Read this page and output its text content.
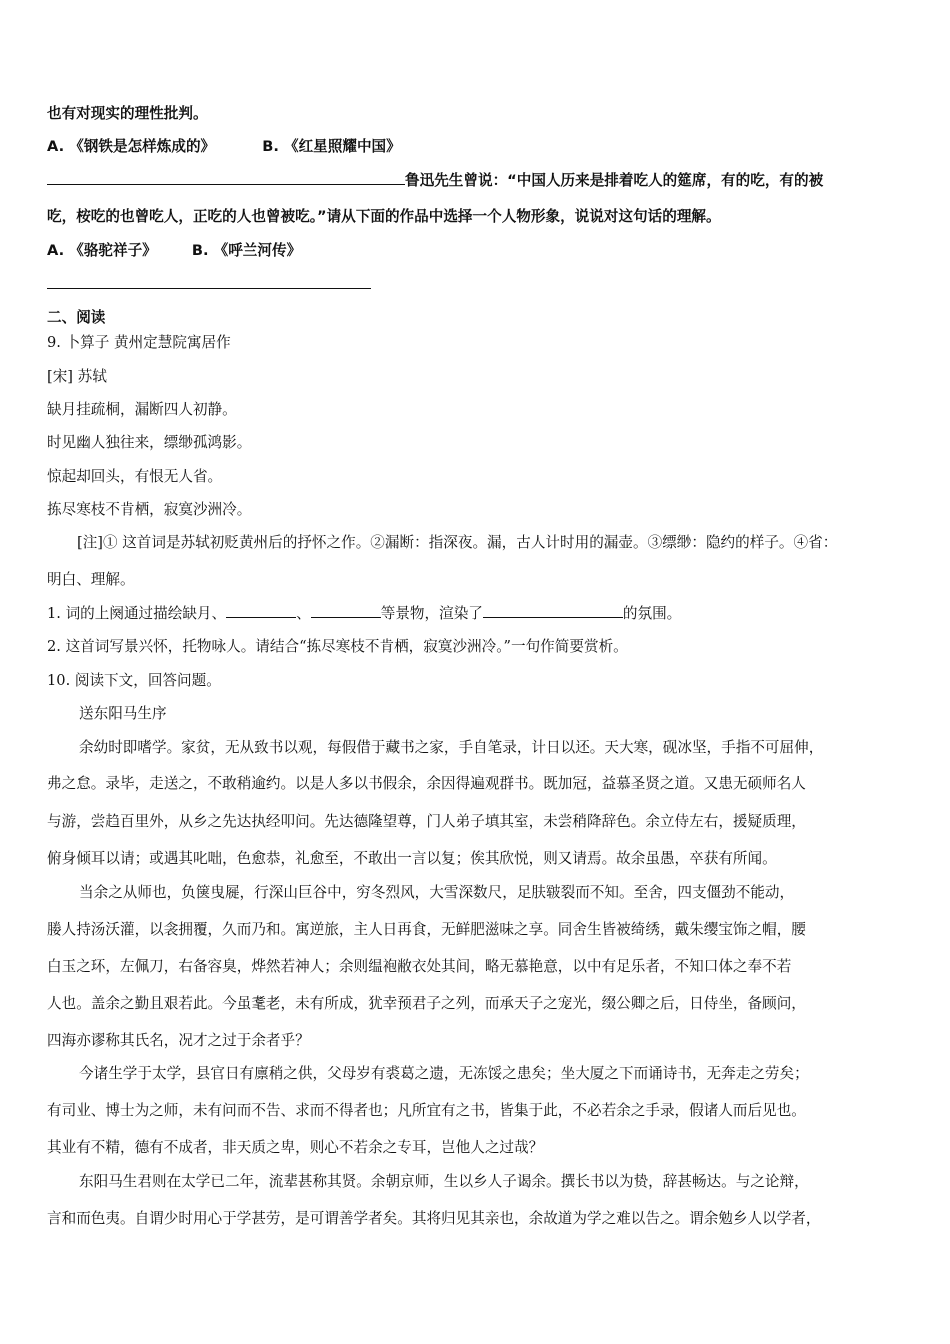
也有对现实的理性批判。
A. 《钢铁是怎样炼成的》	B. 《红星照耀中国》
鲁迅先生曾说：“中国人历来是排着吃人的筵席，有的吃，有的被
吃，桉吃的也曾吃人，正吃的人也曾被吃。”请从下面的作品中选择一个人物形象，说说对这句话的理解。
A. 《骆驼祥子》 B. 《呼兰河传》
二、阅读
9. 卜算子 黄州定慧院寓居作
[宋] 苏轼
缺月挂疏桐，漏断四人初静。
时见幽人独往来，缥缈孤鸿影。
惊起却回头，有恨无人省。
拣尽寒枝不肯栖，寂寞沙洲冷。
[注]① 这首词是苏轼初贬黄州后的抒怀之作。②漏断：指深夜。漏，古人计时用的漏壶。③缥缈：隐约的样子。④省：
明白、理解。
1. 词的上阕通过描绘缺月、	、	等景物，渲染了	的氛围。
2. 这首词写景兴怀，托物咏人。请结合“拣尽寒枝不肯栖，寂寞沙洲冷。”一句作简要赏析。
10. 阅读下文，回答问题。
送东阳马生序
余幼时即嗜学。家贫，无从致书以观，每假借于藏书之家，手自笔录，计日以还。天大寒，砚冰坚，手指不可屈伸，
弗之怠。录毕，走送之，不敢稍逾约。以是人多以书假余，余因得遍观群书。既加冠，益慕圣贤之道。又患无硕师名人
与游，尝趋百里外，从乡之先达执经叩问。先达德隆望尊，门人弟子填其室，未尝稍降辞色。余立侍左右，援疑质理，
俯身倾耳以请；或遇其叱咄，色愈恭，礼愈至，不敢出一言以复；俟其欣悦，则又请焉。故余虽愚，卒获有所闻。
当余之从师也，负箧曳屣，行深山巨谷中，穷冬烈风，大雪深数尺，足肤皲裂而不知。至舍，四支僵劲不能动，
媵人持汤沃灌，以衾拥覆，久而乃和。寓逆旅，主人日再食，无鲜肥滋味之享。同舍生皆被绮绣，戴朱缨宝饰之帽，腰
白玉之环，左佩刀，右备容臭，烨然若神人；余则缊袍敝衣处其间，略无慕艳意，以中有足乐者，不知口体之奉不若
人也。盖余之勤且艰若此。今虽耄老，未有所成，犹幸预君子之列，而承天子之宠光，缀公卿之后，日侍坐，备顾问，
四海亦谬称其氏名，况才之过于余者乎？
今诸生学于太学，县官日有廪稍之供，父母岁有裘葛之遗，无冻馁之患矣；坐大厦之下而诵诗书，无奔走之劳矣；
有司业、博士为之师，未有问而不告、求而不得者也；凡所宜有之书，皆集于此，不必若余之手录，假诸人而后见也。
其业有不精，德有不成者，非天质之卑，则心不若余之专耳，岂他人之过哉？
东阳马生君则在太学已二年，流辈甚称其贤。余朝京师，生以乡人子谒余。撰长书以为贽，辞甚畅达。与之论辩，
言和而色夷。自谓少时用心于学甚劳，是可谓善学者矣。其将归见其亲也，余故道为学之难以告之。谓余勉乡人以学者，
